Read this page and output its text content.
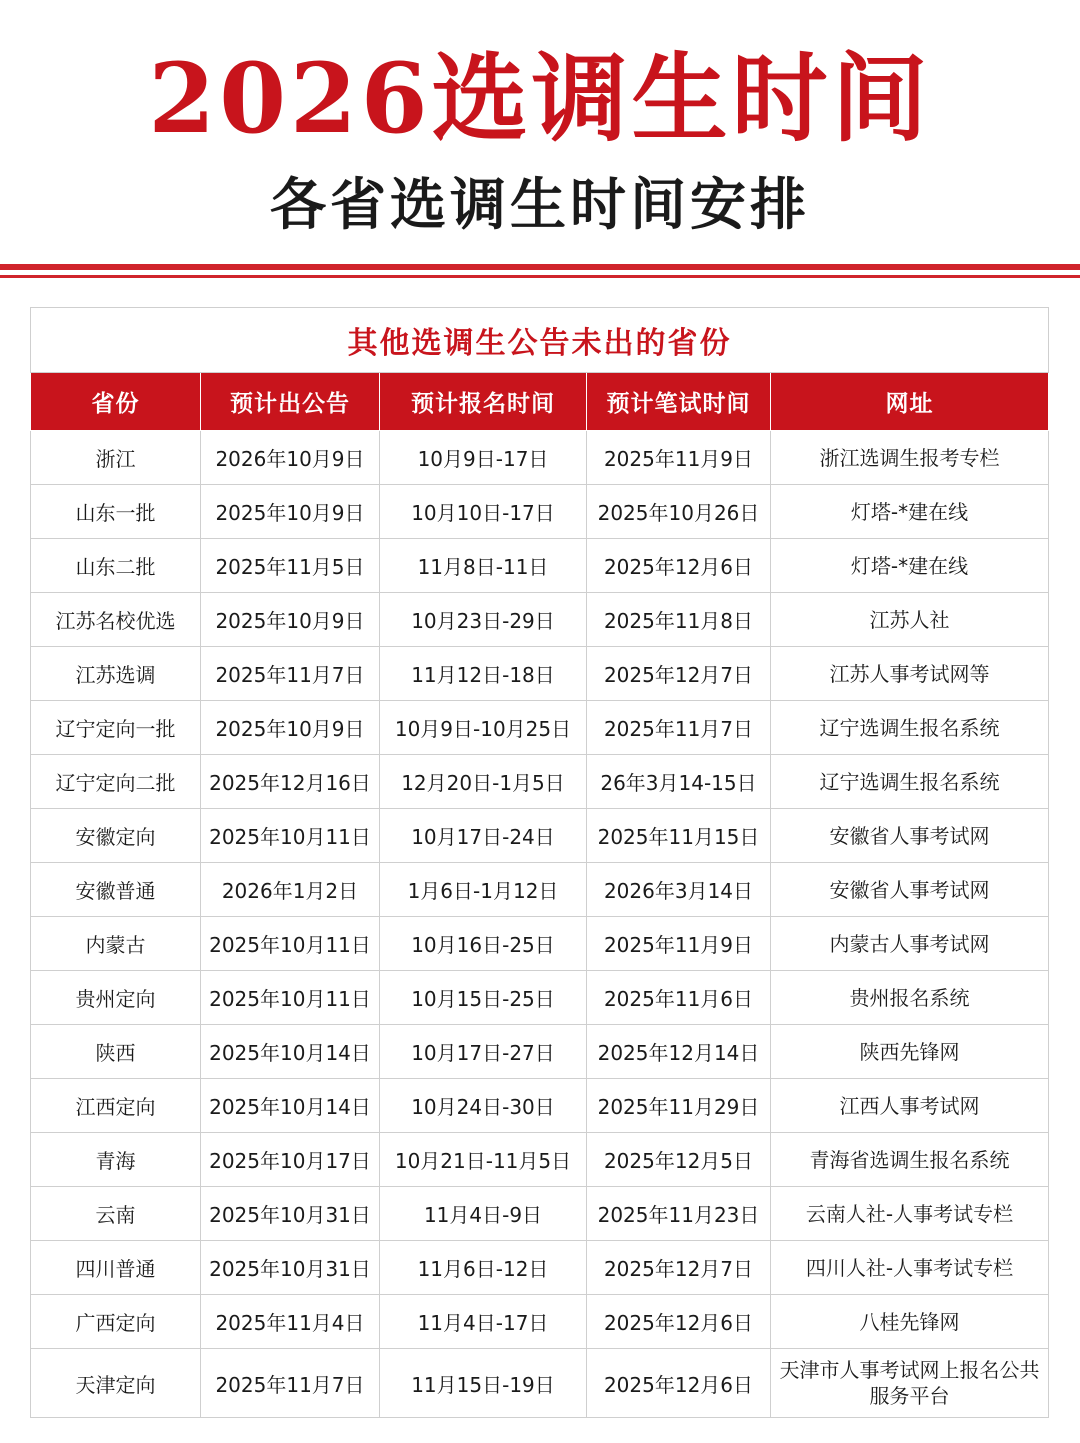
2026选调生时间
各省选调生时间安排
其他选调生公告未出的省份				
省份	预计出公告	预计报名时间	预计笔试时间	网址
浙江	2026年10月9日	10月9日-17日	2025年11月9日	浙江选调生报考专栏
山东一批	2025年10月9日	10月10日-17日	2025年10月26日	灯塔-*建在线
山东二批	2025年11月5日	11月8日-11日	2025年12月6日	灯塔-*建在线
江苏名校优选	2025年10月9日	10月23日-29日	2025年11月8日	江苏人社
江苏选调	2025年11月7日	11月12日-18日	2025年12月7日	江苏人事考试网等
辽宁定向一批	2025年10月9日	10月9日-10月25日	2025年11月7日	辽宁选调生报名系统
辽宁定向二批	2025年12月16日	12月20日-1月5日	26年3月14-15日	辽宁选调生报名系统
安徽定向	2025年10月11日	10月17日-24日	2025年11月15日	安徽省人事考试网
安徽普通	2026年1月2日	1月6日-1月12日	2026年3月14日	安徽省人事考试网
内蒙古	2025年10月11日	10月16日-25日	2025年11月9日	内蒙古人事考试网
贵州定向	2025年10月11日	10月15日-25日	2025年11月6日	贵州报名系统
陕西	2025年10月14日	10月17日-27日	2025年12月14日	陕西先锋网
江西定向	2025年10月14日	10月24日-30日	2025年11月29日	江西人事考试网
青海	2025年10月17日	10月21日-11月5日	2025年12月5日	青海省选调生报名系统
云南	2025年10月31日	11月4日-9日	2025年11月23日	云南人社-人事考试专栏
四川普通	2025年10月31日	11月6日-12日	2025年12月7日	四川人社-人事考试专栏
广西定向	2025年11月4日	11月4日-17日	2025年12月6日	八桂先锋网
天津定向	2025年11月7日	11月15日-19日	2025年12月6日	天津市人事考试网上报名公共服务平台
